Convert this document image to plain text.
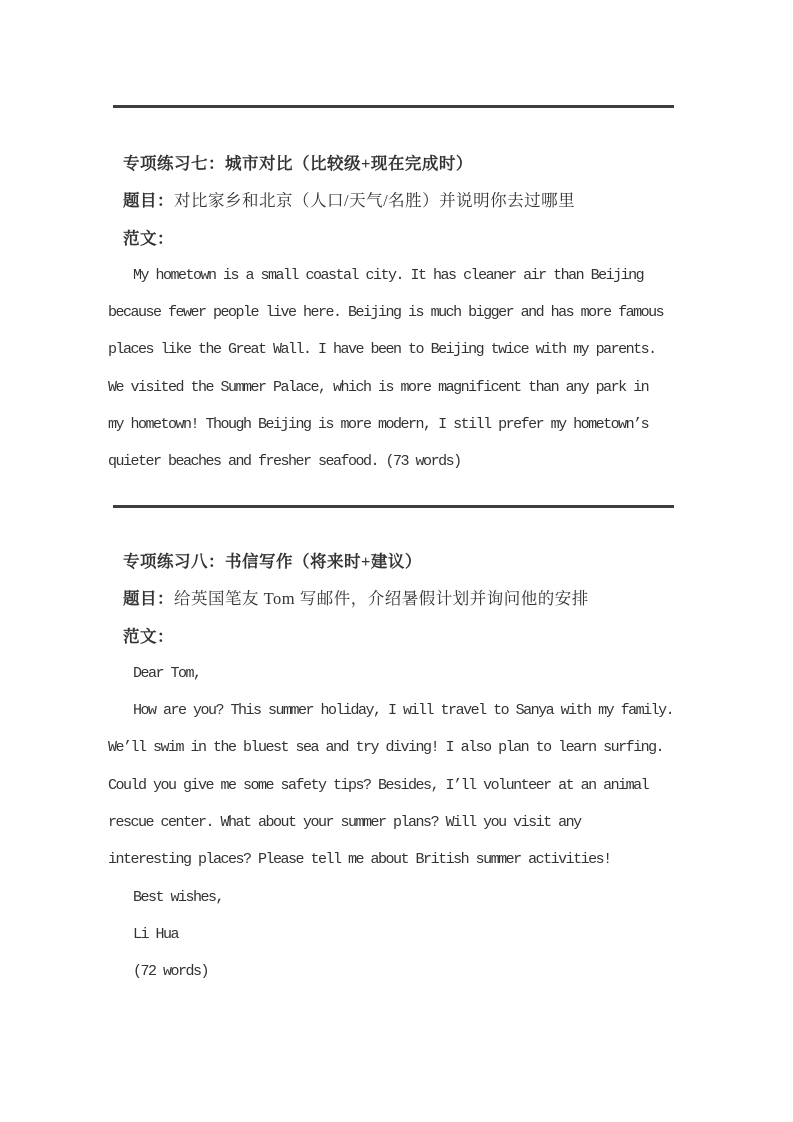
专项练习七：城市对比（比较级+现在完成时）
题目：对比家乡和北京（人口/天气/名胜）并说明你去过哪里
范文：
My hometown is a small coastal city. It has cleaner air than Beijing
because fewer people live here. Beijing is much bigger and has more famous
places like the Great Wall. I have been to Beijing twice with my parents.
We visited the Summer Palace, which is more magnificent than any park in
my hometown! Though Beijing is more modern, I still prefer my hometown’s
quieter beaches and fresher seafood. (73 words)
专项练习八：书信写作（将来时+建议）
题目：给英国笔友 Tom 写邮件，介绍暑假计划并询问他的安排
范文：
Dear Tom,
How are you? This summer holiday, I will travel to Sanya with my family.
We’ll swim in the bluest sea and try diving! I also plan to learn surfing.
Could you give me some safety tips? Besides, I’ll volunteer at an animal
rescue center. What about your summer plans? Will you visit any
interesting places? Please tell me about British summer activities!
Best wishes,
Li Hua
(72 words)
